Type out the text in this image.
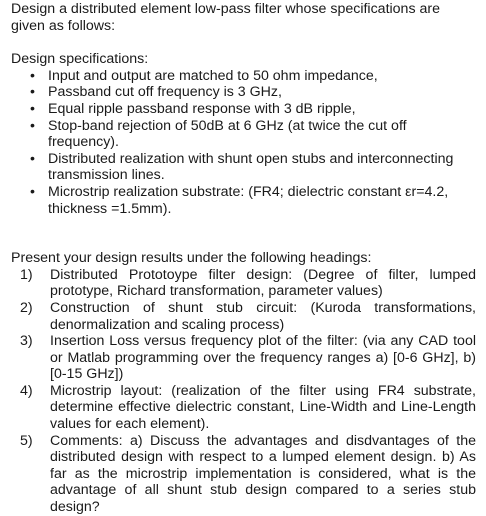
Design a distributed element low-pass filter whose specifications are given as follows:

Design specifications:

• Input and output are matched to 50 ohm impedance,
• Passband cut off frequency is 3 GHz,
• Equal ripple passband response with 3 dB ripple,
• Stop-band rejection of 50dB at 6 GHz (at twice the cut off frequency).
• Distributed realization with shunt open stubs and interconnecting transmission lines.
• Microstrip realization substrate: (FR4; dielectric constant εr=4.2, thickness =1.5mm).

Present your design results under the following headings:

1) Distributed Prototoype filter design: (Degree of filter, lumped prototype, Richard transformation, parameter values)
2) Construction of shunt stub circuit: (Kuroda transformations, denormalization and scaling process)
3) Insertion Loss versus frequency plot of the filter: (via any CAD tool or Matlab programming over the frequency ranges a) [0-6 GHz], b) [0-15 GHz])
4) Microstrip layout: (realization of the filter using FR4 substrate, determine effective dielectric constant, Line-Width and Line-Length values for each element).
5) Comments: a) Discuss the advantages and disdvantages of the distributed design with respect to a lumped element design. b) As far as the microstrip implementation is considered, what is the advantage of all shunt stub design compared to a series stub design?
